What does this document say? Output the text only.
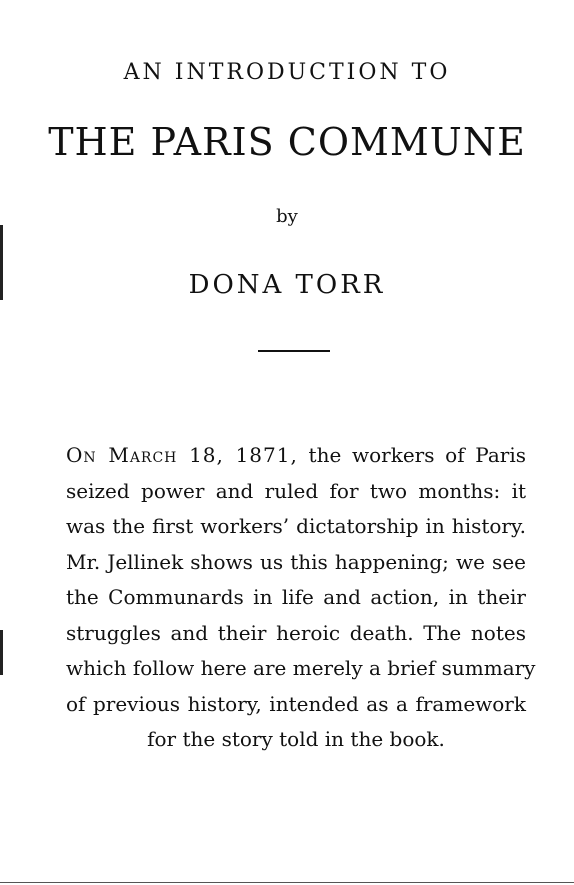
AN INTRODUCTION TO
THE PARIS COMMUNE
by
DONA TORR
On March 18, 1871, the workers of Paris
seized power and ruled for two months: it
was the first workers’ dictatorship in history.
Mr. Jellinek shows us this happening; we see
the Communards in life and action, in their
struggles and their heroic death. The notes
which follow here are merely a brief summary
of previous history, intended as a framework
for the story told in the book.
